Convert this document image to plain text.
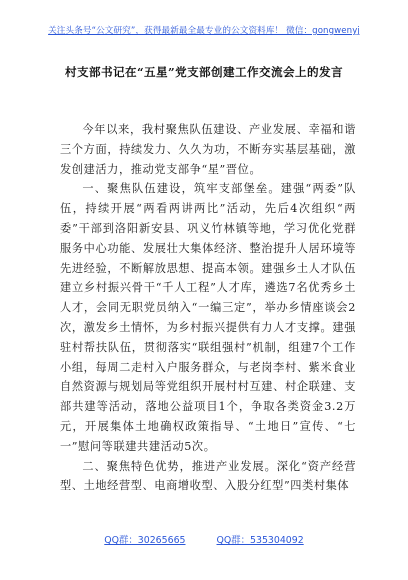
关注头条号“公文研究”，获得最新最全最专业的公文资料库！ 微信：gongwenyj
村支部书记在“五星”党支部创建工作交流会上的发言

今年以来，我村聚焦队伍建设、产业发展、幸福和谐三个方面，持续发力、久久为功，不断夯实基层基础，激发创建活力，推动党支部争“星”晋位。

一、聚焦队伍建设，筑牢支部堡垒。建强“两委”队伍，持续开展“两看两讲两比”活动，先后4次组织“两委”干部到洛阳新安县、巩义竹林镇等地，学习优化党群服务中心功能、发展壮大集体经济、整治提升人居环境等先进经验，不断解放思想、提高本领。建强乡土人才队伍建立乡村振兴骨干“千人工程”人才库，遴选7名优秀乡土人才，会同无职党员纳入“一编三定”，举办乡情座谈会2次，激发乡土情怀，为乡村振兴提供有力人才支撑。建强驻村帮扶队伍，贯彻落实“联组强村”机制，组建7个工作小组，每周二走村入户服务群众，与老岗李村、紫米食业自然资源与规划局等党组织开展村村互建、村企联建、支部共建等活动，落地公益项目1个，争取各类资金3.2万元，开展集体土地确权政策指导、“土地日”宣传、“七一”慰问等联建共建活动5次。

二、聚焦特色优势，推进产业发展。深化“资产经营型、土地经营型、电商增收型、入股分红型”四类村集体

QQ群：30265665	QQ群：535304092
